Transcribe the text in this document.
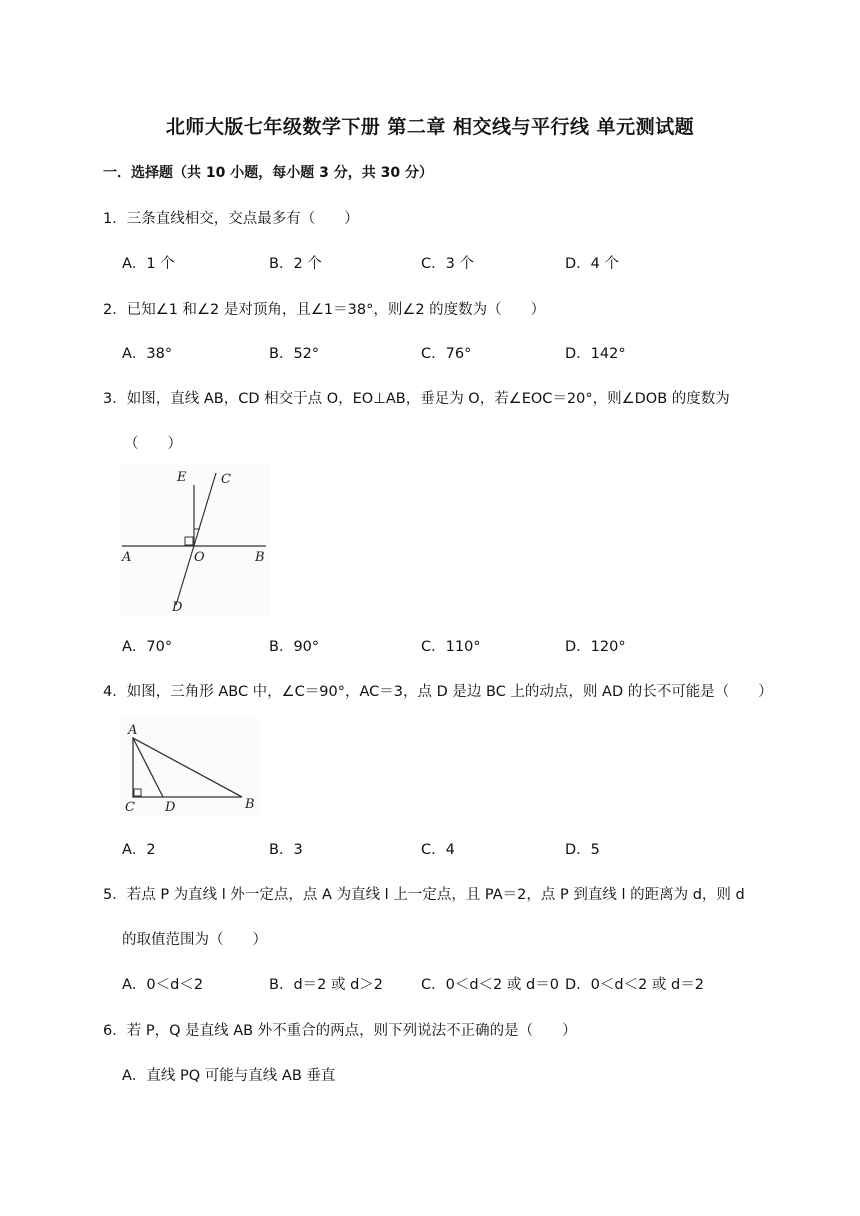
北师大版七年级数学下册 第二章 相交线与平行线 单元测试题
一．选择题（共 10 小题，每小题 3 分，共 30 分）
1．三条直线相交，交点最多有（　　）
A．1 个	B．2 个	C．3 个	D．4 个
2．已知∠1 和∠2 是对顶角，且∠1＝38°，则∠2 的度数为（　　）
A．38°	B．52°	C．76°	D．142°
3．如图，直线 AB，CD 相交于点 O，EO⊥AB，垂足为 O，若∠EOC＝20°，则∠DOB 的度数为
（　　）
E	C
A	O	B
D
A．70°	B．90°	C．110°	D．120°
4．如图，三角形 ABC 中，∠C＝90°，AC＝3，点 D 是边 BC 上的动点，则 AD 的长不可能是（　　）
A
C D	B
A．2	B．3	C．4	D．5
5．若点 P 为直线 l 外一定点，点 A 为直线 l 上一定点，且 PA＝2，点 P 到直线 l 的距离为 d，则 d
的取值范围为（　　）
A．0＜d＜2	B．d＝2 或 d＞2	C．0＜d＜2 或 d＝0 D．0＜d＜2 或 d＝2
6．若 P，Q 是直线 AB 外不重合的两点，则下列说法不正确的是（　　）
A．直线 PQ 可能与直线 AB 垂直
